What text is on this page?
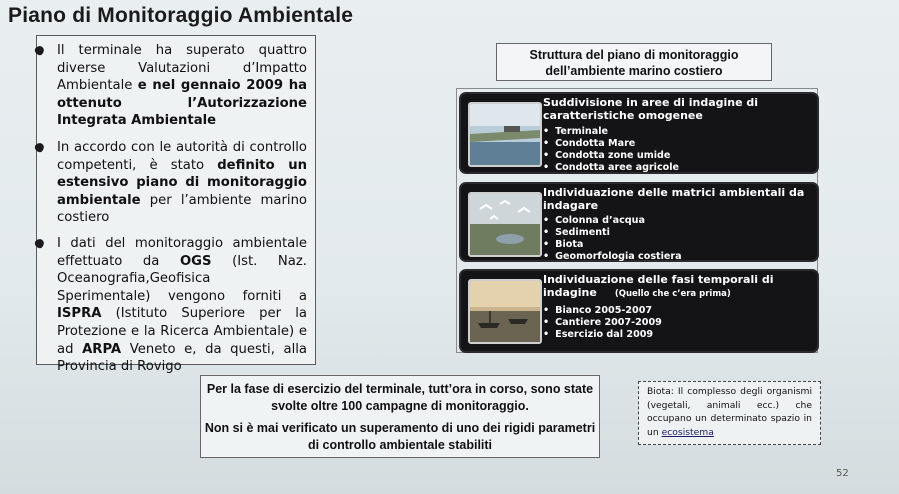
Piano di Monitoraggio Ambientale
Il terminale ha superato quattro diverse Valutazioni d’Impatto Ambientale e nel gennaio 2009 ha ottenuto l’Autorizzazione Integrata Ambientale
In accordo con le autorità di controllo competenti, è stato definito un estensivo piano di monitoraggio ambientale per l’ambiente marino costiero
I dati del monitoraggio ambientale effettuato da OGS (Ist. Naz. Oceanografia,Geofisica Sperimentale) vengono forniti a ISPRA (Istituto Superiore per la Protezione e la Ricerca Ambientale) e ad ARPA Veneto e, da questi, alla Provincia di Rovigo
Struttura del piano di monitoraggio dell’ambiente marino costiero
Suddivisione in aree di indagine di caratteristiche omogenee
• Terminale
• Condotta Mare
• Condotta zone umide
• Condotta aree agricole
Individuazione delle matrici ambientali da indagare
• Colonna d’acqua
• Sedimenti
• Biota
• Geomorfologia costiera
Individuazione delle fasi temporali di indagine (Quello che c’era prima)
• Bianco 2005-2007
• Cantiere 2007-2009
• Esercizio dal 2009

Per la fase di esercizio del terminale, tutt’ora in corso, sono state svolte oltre 100 campagne di monitoraggio.

Non si è mai verificato un superamento di uno dei rigidi parametri di controllo ambientale stabiliti

Biota: Il complesso degli organismi (vegetali, animali ecc.) che occupano un determinato spazio in un ecosistema
52
